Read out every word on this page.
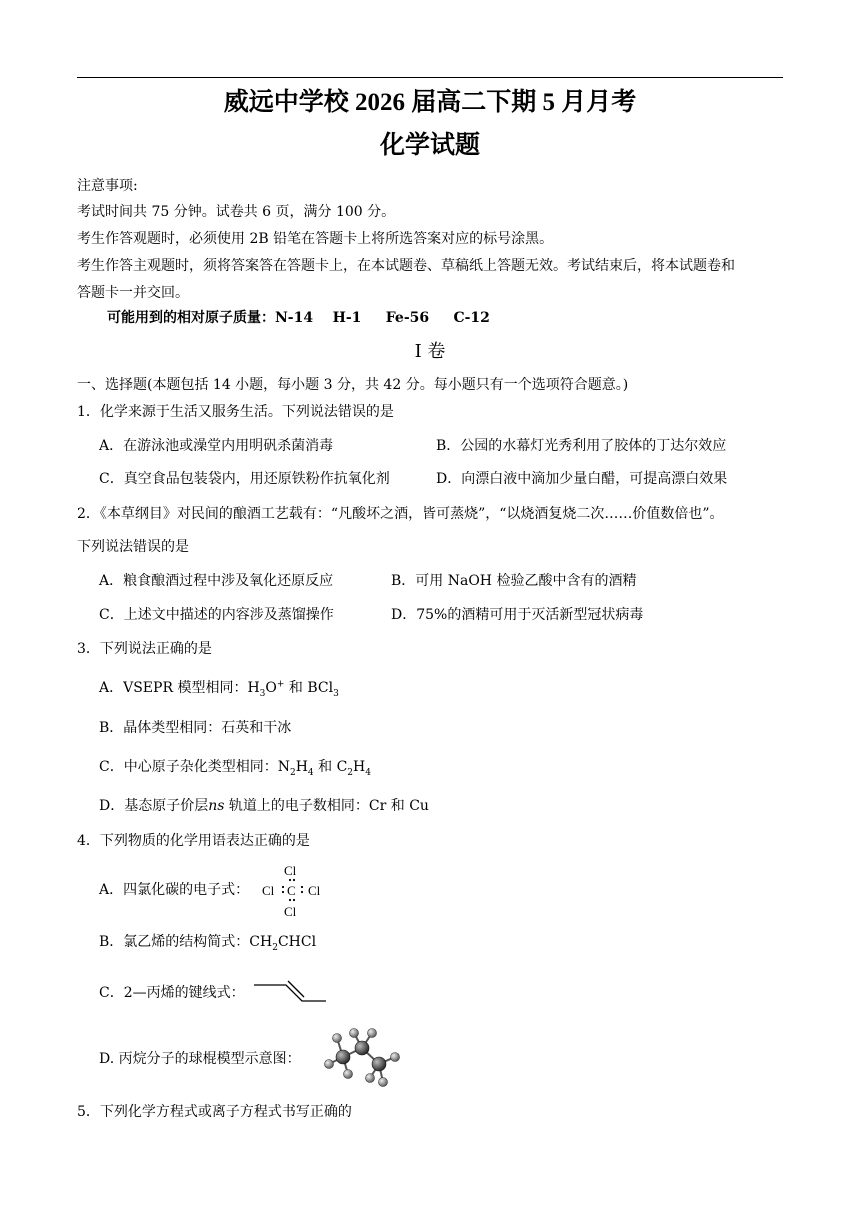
威远中学校 2026 届高二下期 5 月月考
化学试题
注意事项:
考试时间共 75 分钟。试卷共 6 页，满分 100 分。
考生作答观题时，必须使用 2B 铅笔在答题卡上将所选答案对应的标号涂黑。
考生作答主观题时，须将答案答在答题卡上，在本试题卷、草稿纸上答题无效。考试结束后，将本试题卷和
答题卡一并交回。
可能用到的相对原子质量：N-14    H-1     Fe-56     C-12
I 卷
一、选择题(本题包括 14 小题，每小题 3 分，共 42 分。每小题只有一个选项符合题意。)
1．化学来源于生活又服务生活。下列说法错误的是
A．在游泳池或澡堂内用明矾杀菌消毒	B．公园的水幕灯光秀利用了胶体的丁达尔效应
C．真空食品包装袋内，用还原铁粉作抗氧化剂	D．向漂白液中滴加少量白醋，可提高漂白效果
2．《本草纲目》对民间的酿酒工艺载有：“凡酸坏之酒，皆可蒸烧”，“以烧酒复烧二次……价值数倍也”。
下列说法错误的是
A．粮食酿酒过程中涉及氧化还原反应	B．可用 NaOH 检验乙酸中含有的酒精
C．上述文中描述的内容涉及蒸馏操作	D．75%的酒精可用于灭活新型冠状病毒
3．下列说法正确的是
A．VSEPR 模型相同：$H_3O^+$ 和 BCl$_3$
B．晶体类型相同：石英和干冰
C．中心原子杂化类型相同：$N_2H_4$ 和 $C_2H_4$
D．基态原子价层ns 轨道上的电子数相同：Cr 和 Cu
4．下列物质的化学用语表达正确的是
A．四氯化碳的电子式：
Cl
Cl C Cl
Cl
B．氯乙烯的结构简式：$CH_2CHCl$
C．2—丙烯的键线式：
D. 丙烷分子的球棍模型示意图：
5．下列化学方程式或离子方程式书写正确的
